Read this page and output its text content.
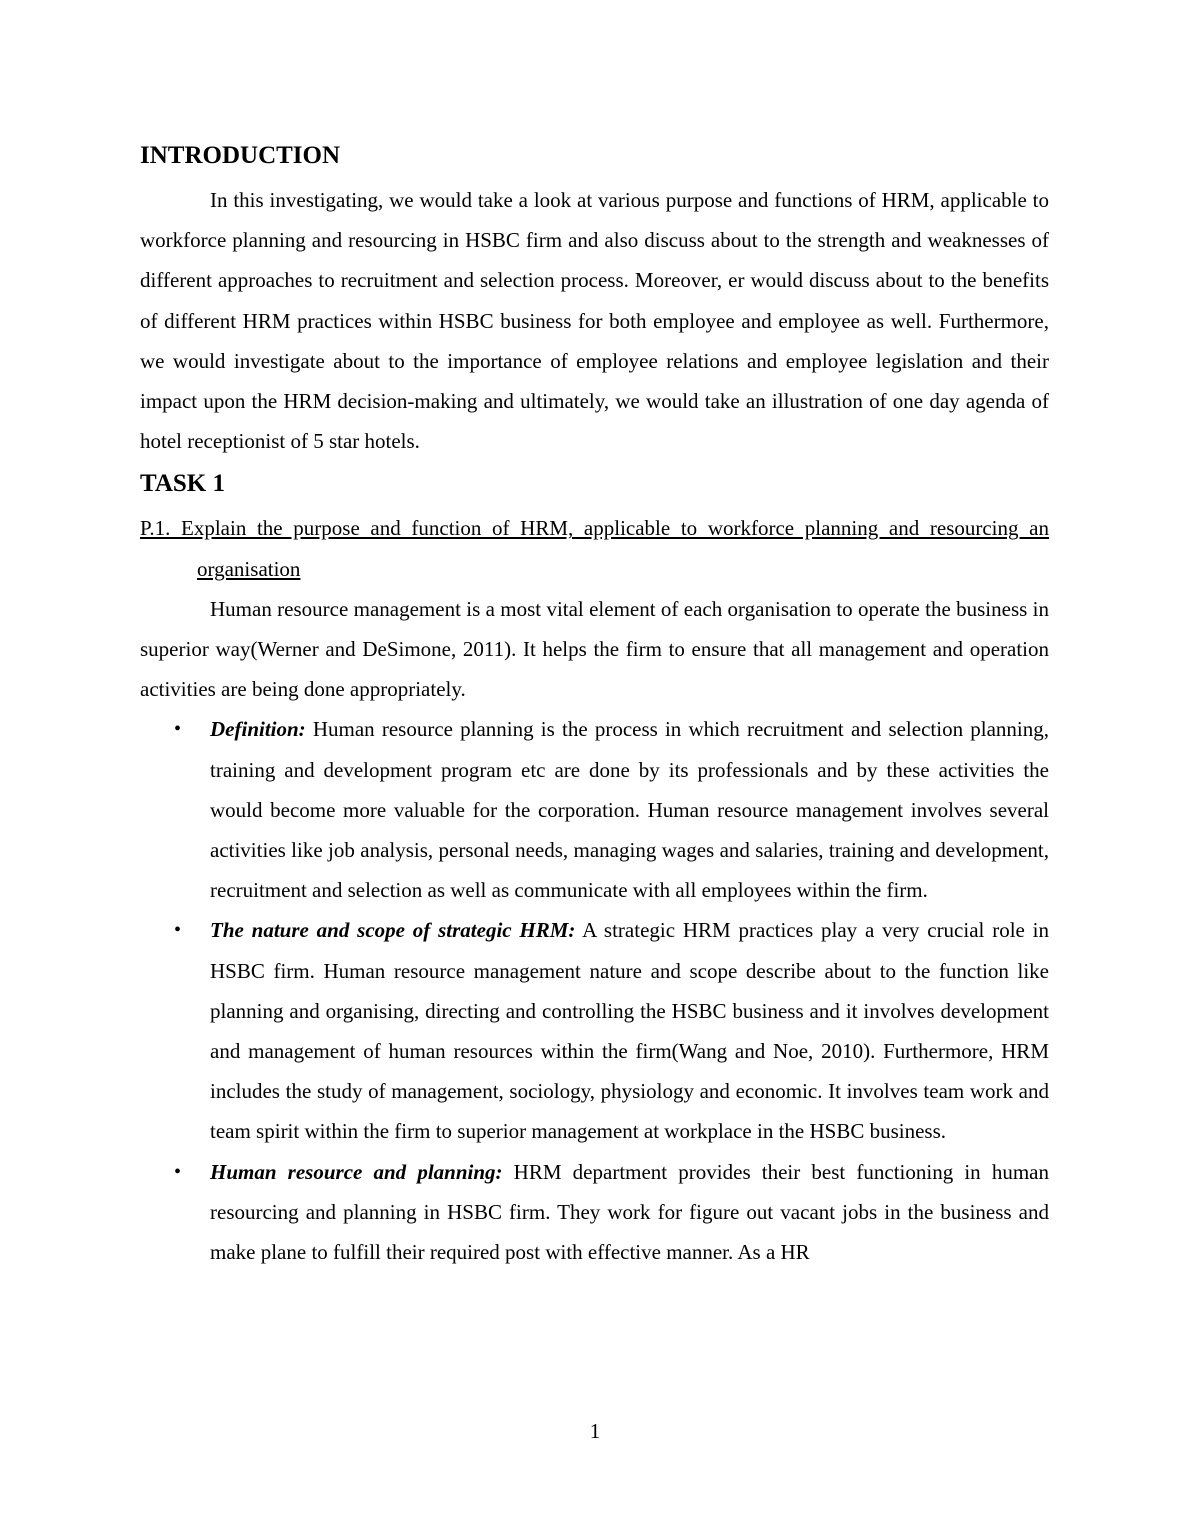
INTRODUCTION

In this investigating, we would take a look at various purpose and functions of HRM, applicable to workforce planning and resourcing in HSBC firm and also discuss about to the strength and weaknesses of different approaches to recruitment and selection process. Moreover, er would discuss about to the benefits of different HRM practices within HSBC business for both employee and employee as well. Furthermore, we would investigate about to the importance of employee relations and employee legislation and their impact upon the HRM decision-making and ultimately, we would take an illustration of one day agenda of hotel receptionist of 5 star hotels.

TASK 1

P.1. Explain the purpose and function of HRM, applicable to workforce planning and resourcing an organisation

Human resource management is a most vital element of each organisation to operate the business in superior way(Werner and DeSimone, 2011). It helps the firm to ensure that all management and operation activities are being done appropriately.

• Definition: Human resource planning is the process in which recruitment and selection planning, training and development program etc are done by its professionals and by these activities the would become more valuable for the corporation. Human resource management involves several activities like job analysis, personal needs, managing wages and salaries, training and development, recruitment and selection as well as communicate with all employees within the firm.
• The nature and scope of strategic HRM: A strategic HRM practices play a very crucial role in HSBC firm. Human resource management nature and scope describe about to the function like planning and organising, directing and controlling the HSBC business and it involves development and management of human resources within the firm(Wang and Noe, 2010). Furthermore, HRM includes the study of management, sociology, physiology and economic. It involves team work and team spirit within the firm to superior management at workplace in the HSBC business.
• Human resource and planning: HRM department provides their best functioning in human resourcing and planning in HSBC firm. They work for figure out vacant jobs in the business and make plane to fulfill their required post with effective manner. As a HR
1
